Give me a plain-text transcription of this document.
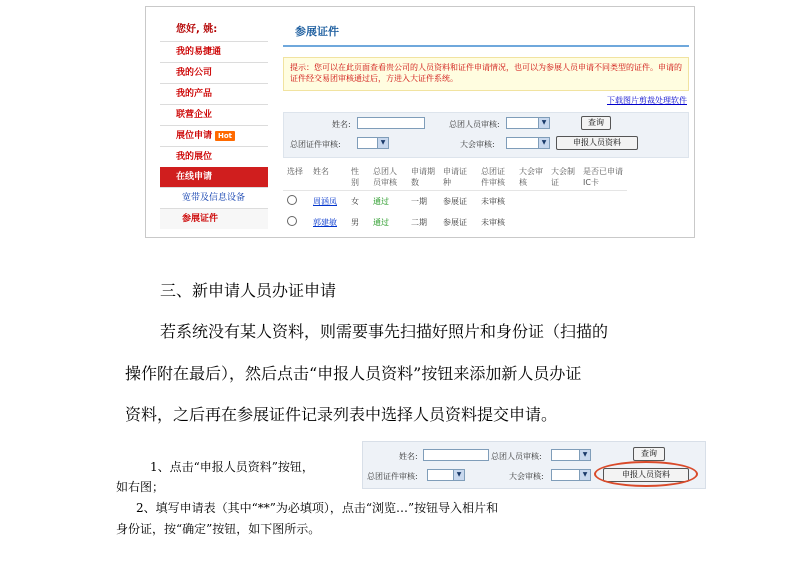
您好, 姚:
我的易捷通
我的公司
我的产品
联营企业
展位申请 Hot
我的展位
在线申请
宽带及信息设备
参展证件
参展证件
提示：您可以在此页面查看贵公司的人员资料和证件申请情况，也可以为参展人员申请不同类型的证件。申请的证件经交易团审核通过后，方进入大证件系统。
下载图片剪裁处理软件
姓名:	总团人员审核:	▼	查询
总团证件审核:	▼	大会审核:	▼	申报人员资料
选择	姓名	性别	总团人员审核	申请期数	申请证种	总团证件审核	大会审核	大会制证	是否已申请IC卡
	周涵凤	女	通过	一期	参展证	未审核			
	郭建敏	男	通过	二期	参展证	未审核			
三、新申请人员办证申请
若系统没有某人资料，则需要事先扫描好照片和身份证（扫描的
操作附在最后），然后点击“申报人员资料”按钮来添加新人员办证
资料，之后再在参展证件记录列表中选择人员资料提交申请。
1、点击“申报人员资料”按钮，
如右图；
2、填写申请表（其中“**”为必填项），点击“浏览…”按钮导入相片和
身份证，按“确定”按钮，如下图所示。
姓名:	总团人员审核:	▼	查询
总团证件审核:	▼	大会审核:	▼	申报人员资料
